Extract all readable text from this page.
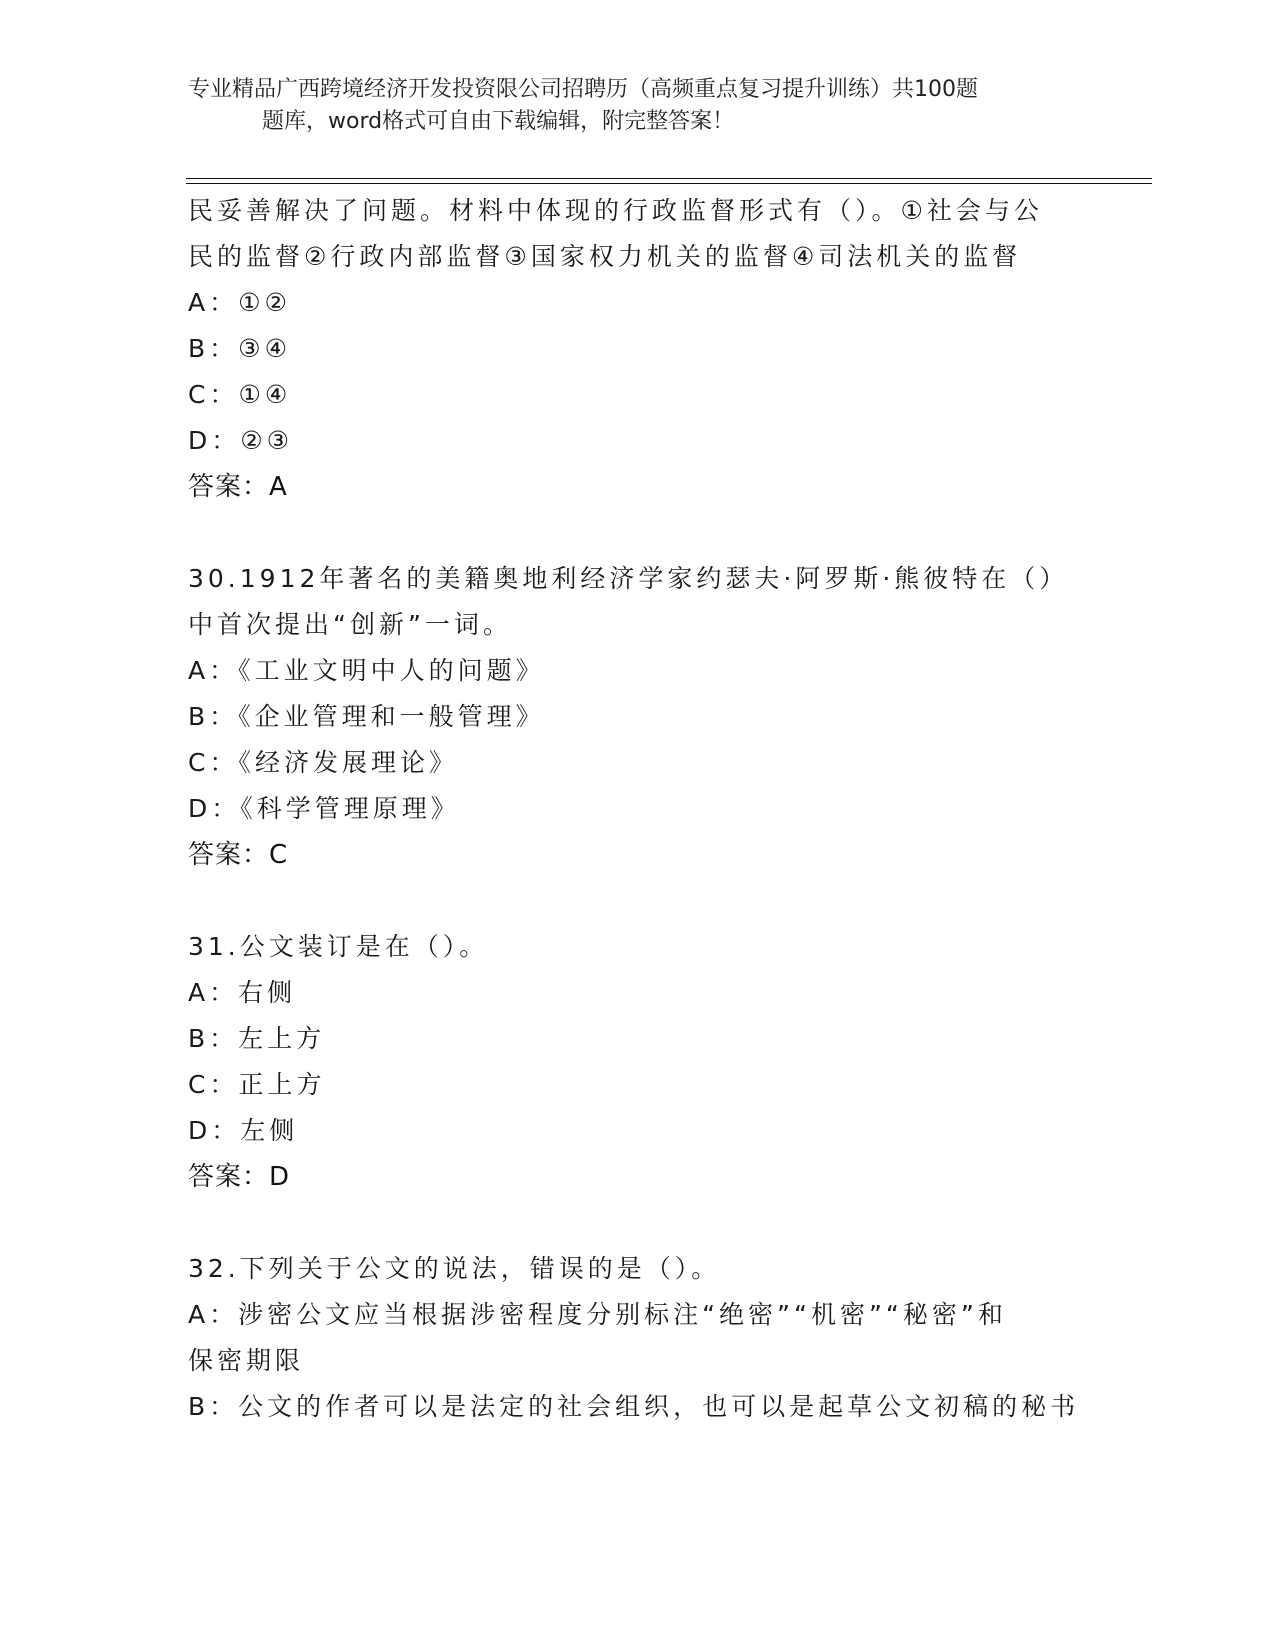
专业精品广西跨境经济开发投资限公司招聘历（高频重点复习提升训练）共100题
题库，word格式可自由下载编辑，附完整答案！
民妥善解决了问题。材料中体现的行政监督形式有（）。①社会与公
民的监督②行政内部监督③国家权力机关的监督④司法机关的监督
A：①②
B：③④
C：①④
D：②③
答案：A
30.1912年著名的美籍奥地利经济学家约瑟夫·阿罗斯·熊彼特在（）
中首次提出“创新”一词。
A：《工业文明中人的问题》
B：《企业管理和一般管理》
C：《经济发展理论》
D：《科学管理原理》
答案：C
31.公文装订是在（）。
A：右侧
B：左上方
C：正上方
D：左侧
答案：D
32.下列关于公文的说法，错误的是（）。
A：涉密公文应当根据涉密程度分别标注“绝密”“机密”“秘密”和
保密期限
B：公文的作者可以是法定的社会组织，也可以是起草公文初稿的秘书
